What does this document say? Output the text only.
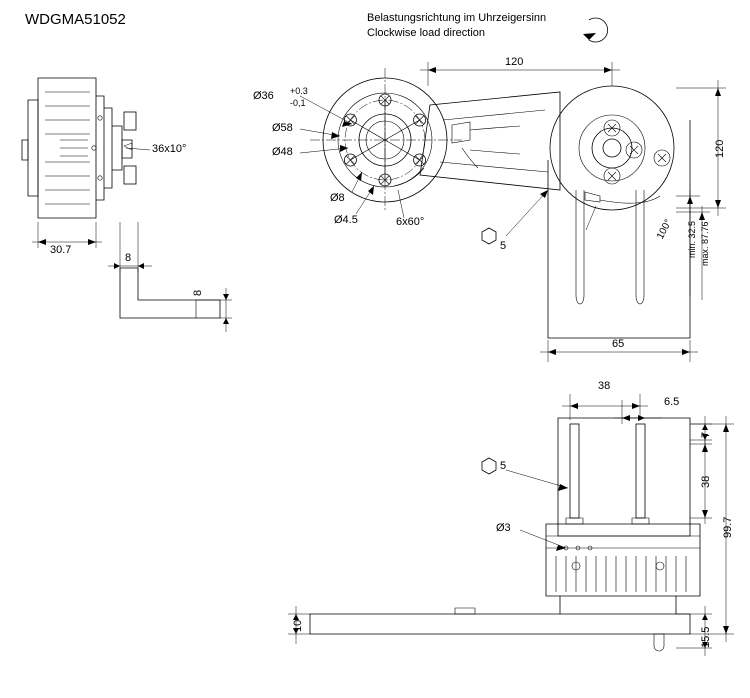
WDGMA51052	Belastungsrichtung im Uhrzeigersinn
Clockwise load direction
36x10°
30.7
8
8
120
120
65
min. 32.5 max. 87.76
100°
Ø36 +0.3
-0,1
Ø58
Ø48
Ø8
Ø4.5	6x60°
5
38
6.5
7
38
99.7
10
15.5
Ø3
5
